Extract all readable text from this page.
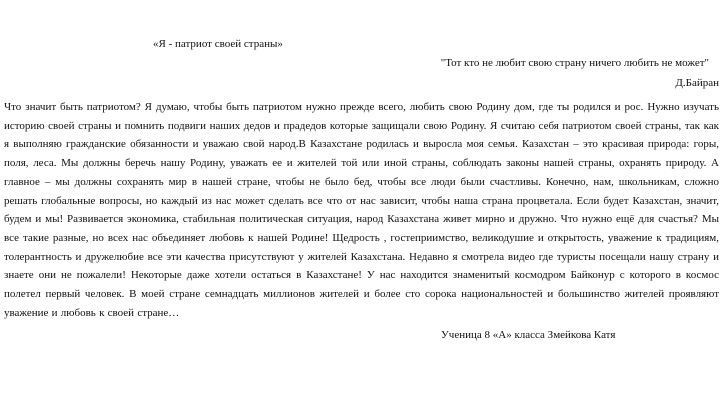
«Я - патриот своей страны»
"Тот кто не любит свою страну ничего любить не может"
Д.Байран
Что значит быть патриотом? Я думаю, чтобы быть патриотом нужно прежде всего, любить свою Родину дом, где ты родился и рос. Нужно изучать историю своей страны и помнить подвиги наших дедов и прадедов которые защищали свою Родину. Я считаю себя патриотом своей страны, так как я выполняю гражданские обязанности и уважаю свой народ.В Казахстане родилась и выросла моя семья. Казахстан – это красивая природа: горы, поля, леса. Мы должны беречь нашу Родину, уважать ее и жителей той или иной страны, соблюдать законы нашей страны, охранять природу. А главное – мы должны сохранять мир в нашей стране, чтобы не было бед, чтобы все люди были счастливы. Конечно, нам, школьникам, сложно решать глобальные вопросы, но каждый из нас может сделать все что от нас зависит, чтобы наша страна процветала. Если будет Казахстан, значит, будем и мы! Развивается экономика, стабильная политическая ситуация, народ Казахстана живет мирно и дружно. Что нужно ещё для счастья? Мы все такие разные, но всех нас объединяет любовь к нашей Родине! Щедрость , гостеприимство, великодушие и открытость, уважение к традициям, толерантность и дружелюбие все эти качества присутствуют у жителей Казахстана. Недавно я смотрела видео где туристы посещали нашу страну и знаете они не пожалели! Некоторые даже хотели остаться в Казахстане! У нас находится знаменитый космодром Байконур с которого в космос полетел первый человек. В моей стране семнадцать миллионов жителей и более сто сорока национальностей и большинство жителей проявляют уважение и любовь к своей стране…
Ученица 8 «А» класса Змейкова Катя
